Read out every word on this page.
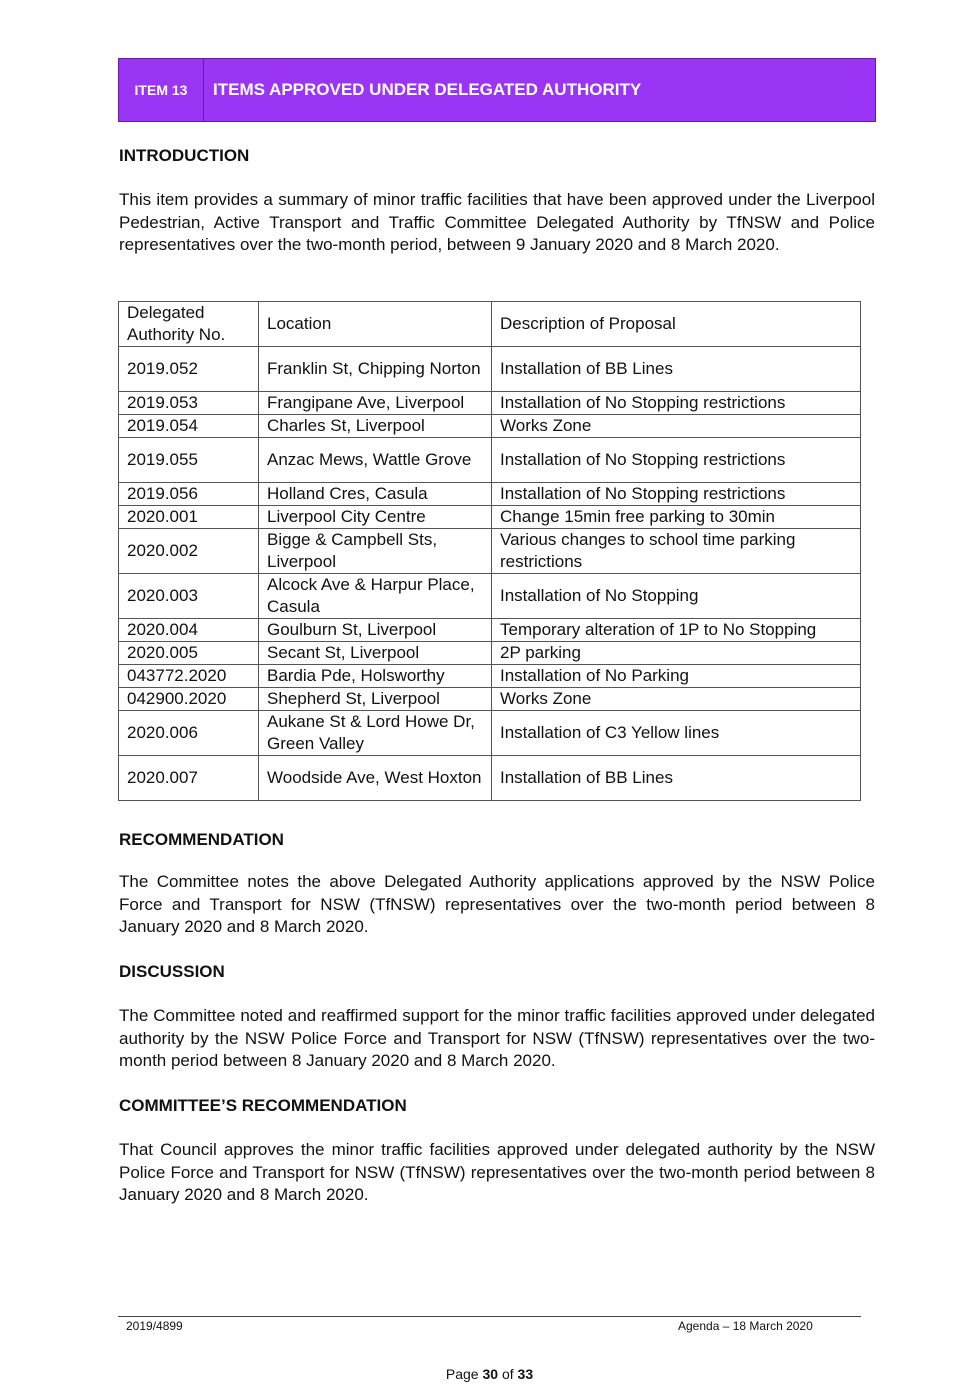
ITEM 13	ITEMS APPROVED UNDER DELEGATED AUTHORITY
INTRODUCTION

This item provides a summary of minor traffic facilities that have been approved under the Liverpool Pedestrian, Active Transport and Traffic Committee Delegated Authority by TfNSW and Police representatives over the two-month period, between 9 January 2020 and 8 March 2020.

Delegated Authority No.	Location	Description of Proposal
2019.052	Franklin St, Chipping Norton	Installation of BB Lines
2019.053	Frangipane Ave, Liverpool	Installation of No Stopping restrictions
2019.054	Charles St, Liverpool	Works Zone
2019.055	Anzac Mews, Wattle Grove	Installation of No Stopping restrictions
2019.056	Holland Cres, Casula	Installation of No Stopping restrictions
2020.001	Liverpool City Centre	Change 15min free parking to 30min
2020.002	Bigge & Campbell Sts, Liverpool	Various changes to school time parking restrictions
2020.003	Alcock Ave & Harpur Place, Casula	Installation of No Stopping
2020.004	Goulburn St, Liverpool	Temporary alteration of 1P to No Stopping
2020.005	Secant St, Liverpool	2P parking
043772.2020	Bardia Pde, Holsworthy	Installation of No Parking
042900.2020	Shepherd St, Liverpool	Works Zone
2020.006	Aukane St & Lord Howe Dr, Green Valley	Installation of C3 Yellow lines
2020.007	Woodside Ave, West Hoxton	Installation of BB Lines
RECOMMENDATION

The Committee notes the above Delegated Authority applications approved by the NSW Police Force and Transport for NSW (TfNSW) representatives over the two-month period between 8 January 2020 and 8 March 2020.

DISCUSSION

The Committee noted and reaffirmed support for the minor traffic facilities approved under delegated authority by the NSW Police Force and Transport for NSW (TfNSW) representatives over the two-month period between 8 January 2020 and 8 March 2020.

COMMITTEE’S RECOMMENDATION

That Council approves the minor traffic facilities approved under delegated authority by the NSW Police Force and Transport for NSW (TfNSW) representatives over the two-month period between 8 January 2020 and 8 March 2020.

2019/4899	Agenda – 18 March 2020
Page 30 of 33
